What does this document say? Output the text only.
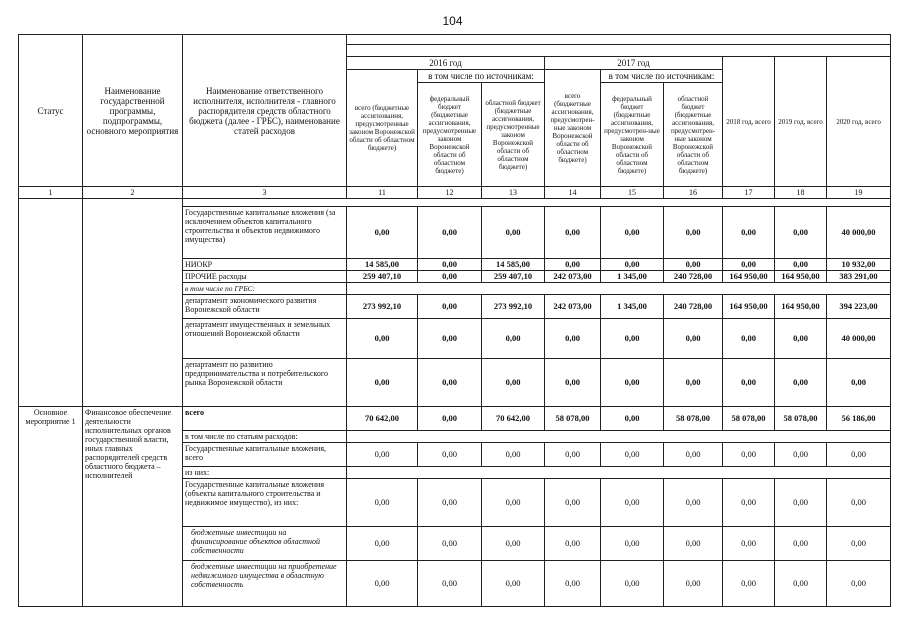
104
Статус	Наименование государственной программы, подпрограммы, основного мероприятия	Наименование ответственного исполнителя, исполнителя - главного распорядителя средств областного бюджета (далее - ГРБС), наименование статей расходов									

			2016 год			2017 год			2018 год, всего	2019 год, всего	2020 год, всего
			всего (бюджетные ассигнования, предусмотренные законом Воронежской области об областном бюджете)	в том числе по источникам:		всего (бюджетные ассигнования, предусмотрен-ные законом Воронежской области об областном бюджете)	в том числе по источникам:				
				федеральный бюджет (бюджетные ассигнования, предусмотренные законом Воронежской области об областном бюджете)	областной бюджет (бюджетные ассигнования, предусмотренные законом Воронежской области об областном бюджете)		федеральный бюджет (бюджетные ассигнования, предусмотрен-ные законом Воронежской области об областном бюджете)	областной бюджет (бюджетные ассигнования, предусмотрен-ные законом Воронежской области об областном бюджете)			
1	2	3	11	12	13	14	15	16	17	18	19

		Государственные капитальные вложения (за исключением объектов капитального строительства и объектов недвижимого имущества)	0,00	0,00	0,00	0,00	0,00	0,00	0,00	0,00	40 000,00
		НИОКР	14 585,00	0,00	14 585,00	0,00	0,00	0,00	0,00	0,00	10 932,00
		ПРОЧИЕ расходы	259 407,10	0,00	259 407,10	242 073,00	1 345,00	240 728,00	164 950,00	164 950,00	383 291,00
		в том числе по ГРБС:									
		департамент экономического развития Воронежской области	273 992,10	0,00	273 992,10	242 073,00	1 345,00	240 728,00	164 950,00	164 950,00	394 223,00
		департамент имущественных и земельных отношений Воронежской области	0,00	0,00	0,00	0,00	0,00	0,00	0,00	0,00	40 000,00
		департамент по развитию предпринимательства и потребительского рынка Воронежской области	0,00	0,00	0,00	0,00	0,00	0,00	0,00	0,00	0,00
Основное мероприятие 1	Финансовое обеспечение деятельности исполнительных органов государственной власти, иных главных распорядителей средств областного бюджета – исполнителей	всего	70 642,00	0,00	70 642,00	58 078,00	0,00	58 078,00	58 078,00	58 078,00	56 186,00
		в том числе по статьям расходов:									
		Государственные капитальные вложения, всего	0,00	0,00	0,00	0,00	0,00	0,00	0,00	0,00	0,00
		из них:									
		Государственные капитальные вложения (объекты капитального строительства и недвижимое имущество), из них:	0,00	0,00	0,00	0,00	0,00	0,00	0,00	0,00	0,00
		бюджетные инвестиции на финансирование объектов областной собственности	0,00	0,00	0,00	0,00	0,00	0,00	0,00	0,00	0,00
		бюджетные инвестиции на приобретение недвижимого имущества в областную собственность	0,00	0,00	0,00	0,00	0,00	0,00	0,00	0,00	0,00
